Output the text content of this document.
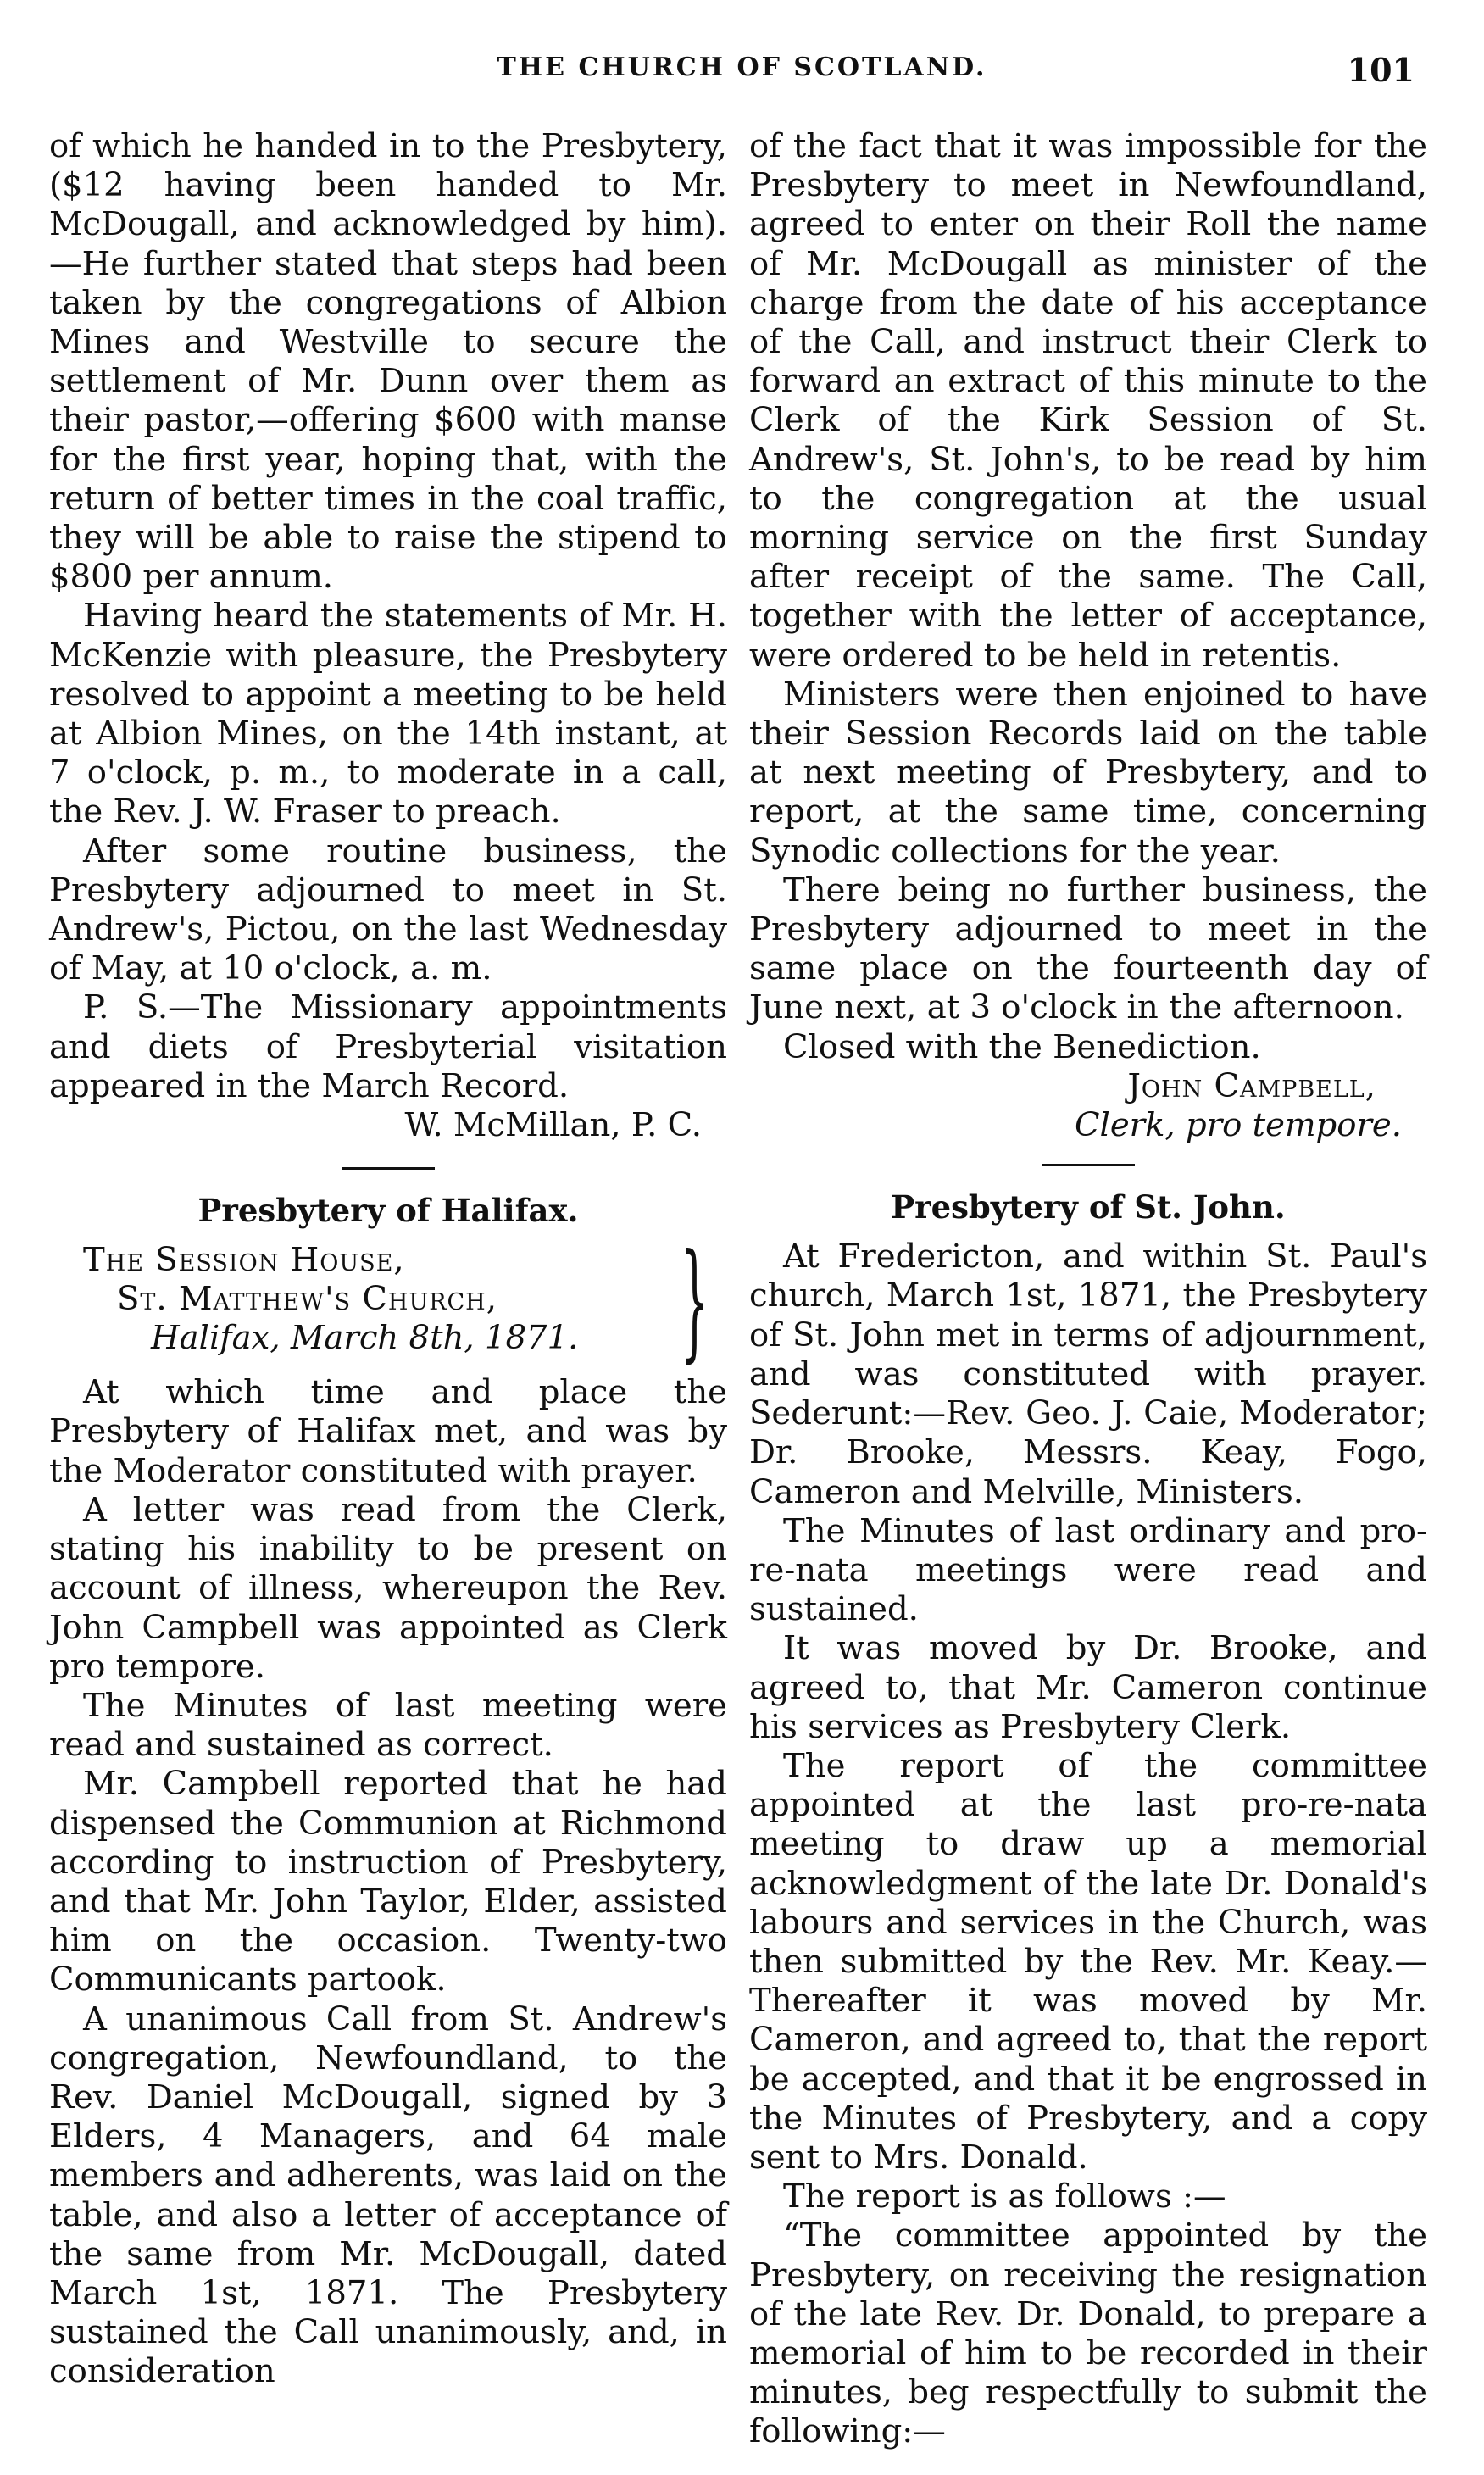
THE CHURCH OF SCOTLAND.	101

of which he handed in to the Presbytery, ($12 having been handed to Mr. McDougall, and acknowledged by him).—He further stated that steps had been taken by the congregations of Albion Mines and Westville to secure the settlement of Mr. Dunn over them as their pastor,—offering $600 with manse for the first year, hoping that, with the return of better times in the coal traffic, they will be able to raise the stipend to $800 per annum.

Having heard the statements of Mr. H. McKenzie with pleasure, the Presbytery resolved to appoint a meeting to be held at Albion Mines, on the 14th instant, at 7 o'clock, p. m., to moderate in a call, the Rev. J. W. Fraser to preach.

After some routine business, the Presbytery adjourned to meet in St. Andrew's, Pictou, on the last Wednesday of May, at 10 o'clock, a. m.

P. S.—The Missionary appointments and diets of Presbyterial visitation appeared in the March Record.

W. McMillan, P. C.
Presbytery of Halifax.
The Session House,
St. Matthew's Church,
Halifax, March 8th, 1871. }

At which time and place the Presbytery of Halifax met, and was by the Moderator constituted with prayer.

A letter was read from the Clerk, stating his inability to be present on account of illness, whereupon the Rev. John Campbell was appointed as Clerk pro tempore.

The Minutes of last meeting were read and sustained as correct.

Mr. Campbell reported that he had dispensed the Communion at Richmond according to instruction of Presbytery, and that Mr. John Taylor, Elder, assisted him on the occasion. Twenty-two Communicants partook.

A unanimous Call from St. Andrew's congregation, Newfoundland, to the Rev. Daniel McDougall, signed by 3 Elders, 4 Managers, and 64 male members and adherents, was laid on the table, and also a letter of acceptance of the same from Mr. McDougall, dated March 1st, 1871. The Presbytery sustained the Call unanimously, and, in consideration

of the fact that it was impossible for the Presbytery to meet in Newfoundland, agreed to enter on their Roll the name of Mr. McDougall as minister of the charge from the date of his acceptance of the Call, and instruct their Clerk to forward an extract of this minute to the Clerk of the Kirk Session of St. Andrew's, St. John's, to be read by him to the congregation at the usual morning service on the first Sunday after receipt of the same. The Call, together with the letter of acceptance, were ordered to be held in retentis.

Ministers were then enjoined to have their Session Records laid on the table at next meeting of Presbytery, and to report, at the same time, concerning Synodic collections for the year.

There being no further business, the Presbytery adjourned to meet in the same place on the fourteenth day of June next, at 3 o'clock in the afternoon.

Closed with the Benediction.

John Campbell,
Clerk, pro tempore.
Presbytery of St. John.

At Fredericton, and within St. Paul's church, March 1st, 1871, the Presbytery of St. John met in terms of adjournment, and was constituted with prayer. Sederunt:—Rev. Geo. J. Caie, Moderator; Dr. Brooke, Messrs. Keay, Fogo, Cameron and Melville, Ministers.

The Minutes of last ordinary and pro-re-nata meetings were read and sustained.

It was moved by Dr. Brooke, and agreed to, that Mr. Cameron continue his services as Presbytery Clerk.

The report of the committee appointed at the last pro-re-nata meeting to draw up a memorial acknowledgment of the late Dr. Donald's labours and services in the Church, was then submitted by the Rev. Mr. Keay.—Thereafter it was moved by Mr. Cameron, and agreed to, that the report be accepted, and that it be engrossed in the Minutes of Presbytery, and a copy sent to Mrs. Donald.

The report is as follows :—

“The committee appointed by the Presbytery, on receiving the resignation of the late Rev. Dr. Donald, to prepare a memorial of him to be recorded in their minutes, beg respectfully to submit the following:—
